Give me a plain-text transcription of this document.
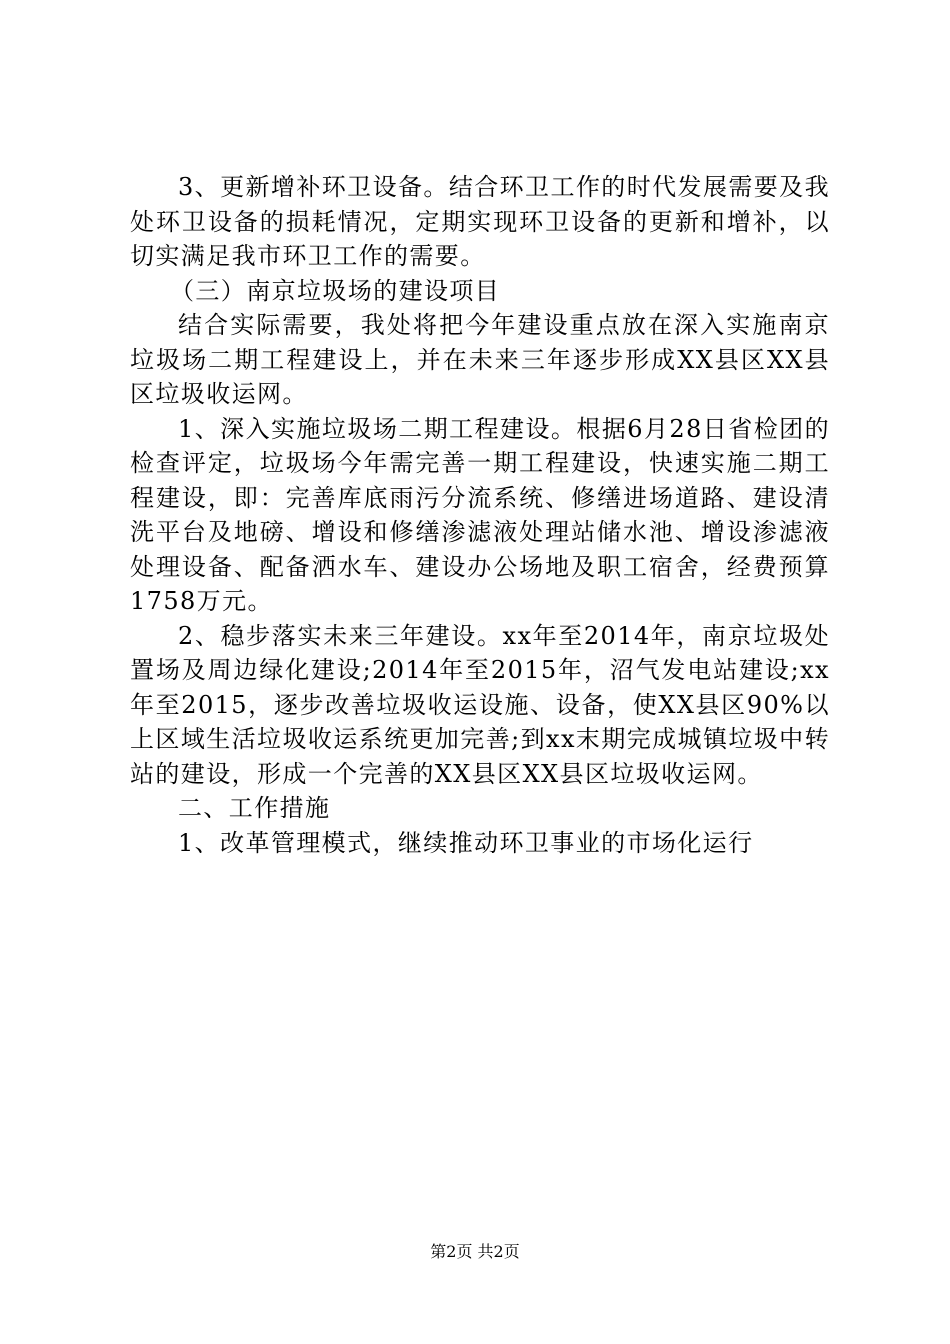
3、更新增补环卫设备。结合环卫工作的时代发展需要及我处环卫设备的损耗情况，定期实现环卫设备的更新和增补，以切实满足我市环卫工作的需要。

（三）南京垃圾场的建设项目

结合实际需要，我处将把今年建设重点放在深入实施南京垃圾场二期工程建设上，并在未来三年逐步形成XX县区XX县区垃圾收运网。

1、深入实施垃圾场二期工程建设。根据6月28日省检团的检查评定，垃圾场今年需完善一期工程建设，快速实施二期工程建设，即：完善库底雨污分流系统、修缮进场道路、建设清洗平台及地磅、增设和修缮渗滤液处理站储水池、增设渗滤液处理设备、配备洒水车、建设办公场地及职工宿舍，经费预算1758万元。

2、稳步落实未来三年建设。xx年至2014年，南京垃圾处置场及周边绿化建设;2014年至2015年，沼气发电站建设;xx年至2015，逐步改善垃圾收运设施、设备，使XX县区90%以上区域生活垃圾收运系统更加完善;到xx末期完成城镇垃圾中转站的建设，形成一个完善的XX县区XX县区垃圾收运网。

二、工作措施

1、改革管理模式，继续推动环卫事业的市场化运行

第2页 共2页
